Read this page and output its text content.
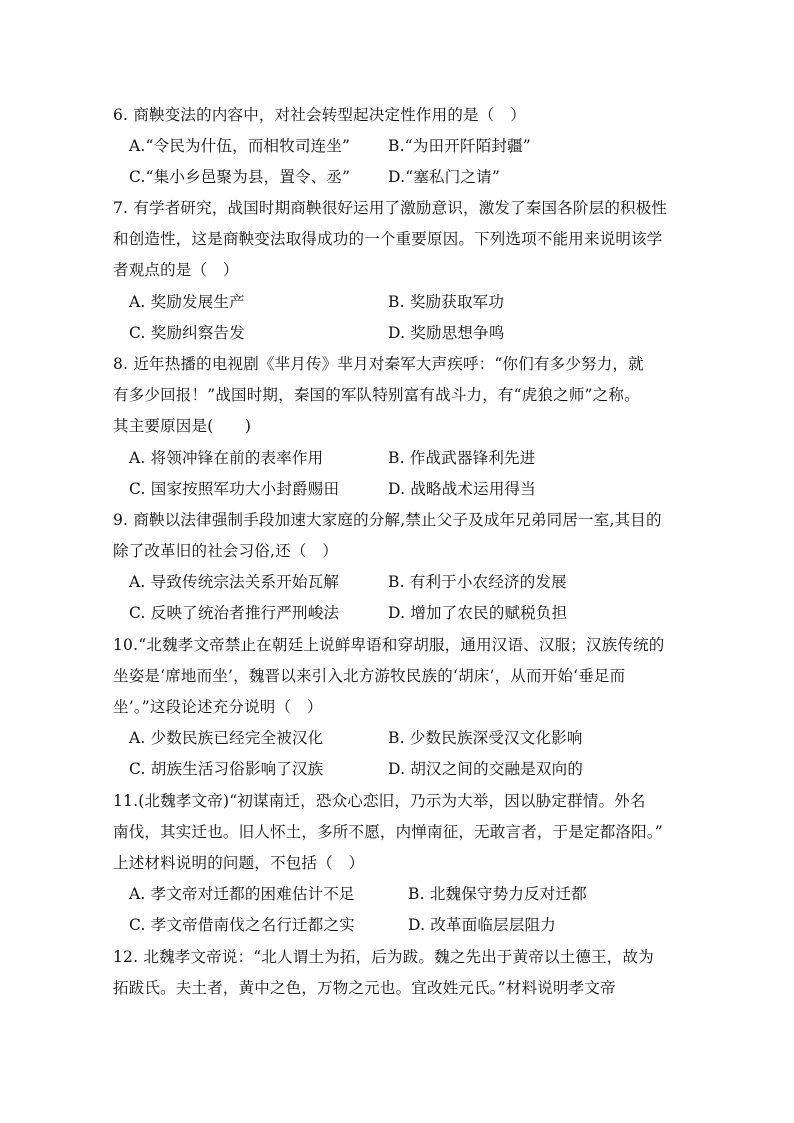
6. 商鞅变法的内容中，对社会转型起决定性作用的是（　）
A.“令民为什伍，而相牧司连坐” B.“为田开阡陌封疆”
C.“集小乡邑聚为县，置令、丞” D.“塞私门之请”
7. 有学者研究，战国时期商鞅很好运用了激励意识，激发了秦国各阶层的积极性
和创造性，这是商鞅变法取得成功的一个重要原因。下列选项不能用来说明该学
者观点的是（　）
A. 奖励发展生产	B. 奖励获取军功
C. 奖励纠察告发	D. 奖励思想争鸣
8. 近年热播的电视剧《芈月传》芈月对秦军大声疾呼：“你们有多少努力，就
有多少回报！”战国时期，秦国的军队特别富有战斗力，有“虎狼之师”之称。
其主要原因是(　　)
A. 将领冲锋在前的表率作用	B. 作战武器锋利先进
C. 国家按照军功大小封爵赐田	D. 战略战术运用得当
9. 商鞅以法律强制手段加速大家庭的分解,禁止父子及成年兄弟同居一室,其目的
除了改革旧的社会习俗,还（　）
A. 导致传统宗法关系开始瓦解	B. 有利于小农经济的发展
C. 反映了统治者推行严刑峻法	D. 增加了农民的赋税负担
10.“北魏孝文帝禁止在朝廷上说鲜卑语和穿胡服，通用汉语、汉服；汉族传统的
坐姿是‘席地而坐’，魏晋以来引入北方游牧民族的‘胡床’，从而开始‘垂足而
坐’。”这段论述充分说明（　）
A. 少数民族已经完全被汉化	B. 少数民族深受汉文化影响
C. 胡族生活习俗影响了汉族	D. 胡汉之间的交融是双向的
11.(北魏孝文帝)“初谋南迁，恐众心恋旧，乃示为大举，因以胁定群情。外名
南伐，其实迁也。旧人怀土，多所不愿，内惮南征，无敢言者，于是定都洛阳。”
上述材料说明的问题，不包括（　）
A. 孝文帝对迁都的困难估计不足	B. 北魏保守势力反对迁都
C. 孝文帝借南伐之名行迁都之实	D. 改革面临层层阻力
12. 北魏孝文帝说：“北人谓土为拓，后为跋。魏之先出于黄帝以土德王，故为
拓跋氏。夫土者，黄中之色，万物之元也。宜改姓元氏。”材料说明孝文帝
